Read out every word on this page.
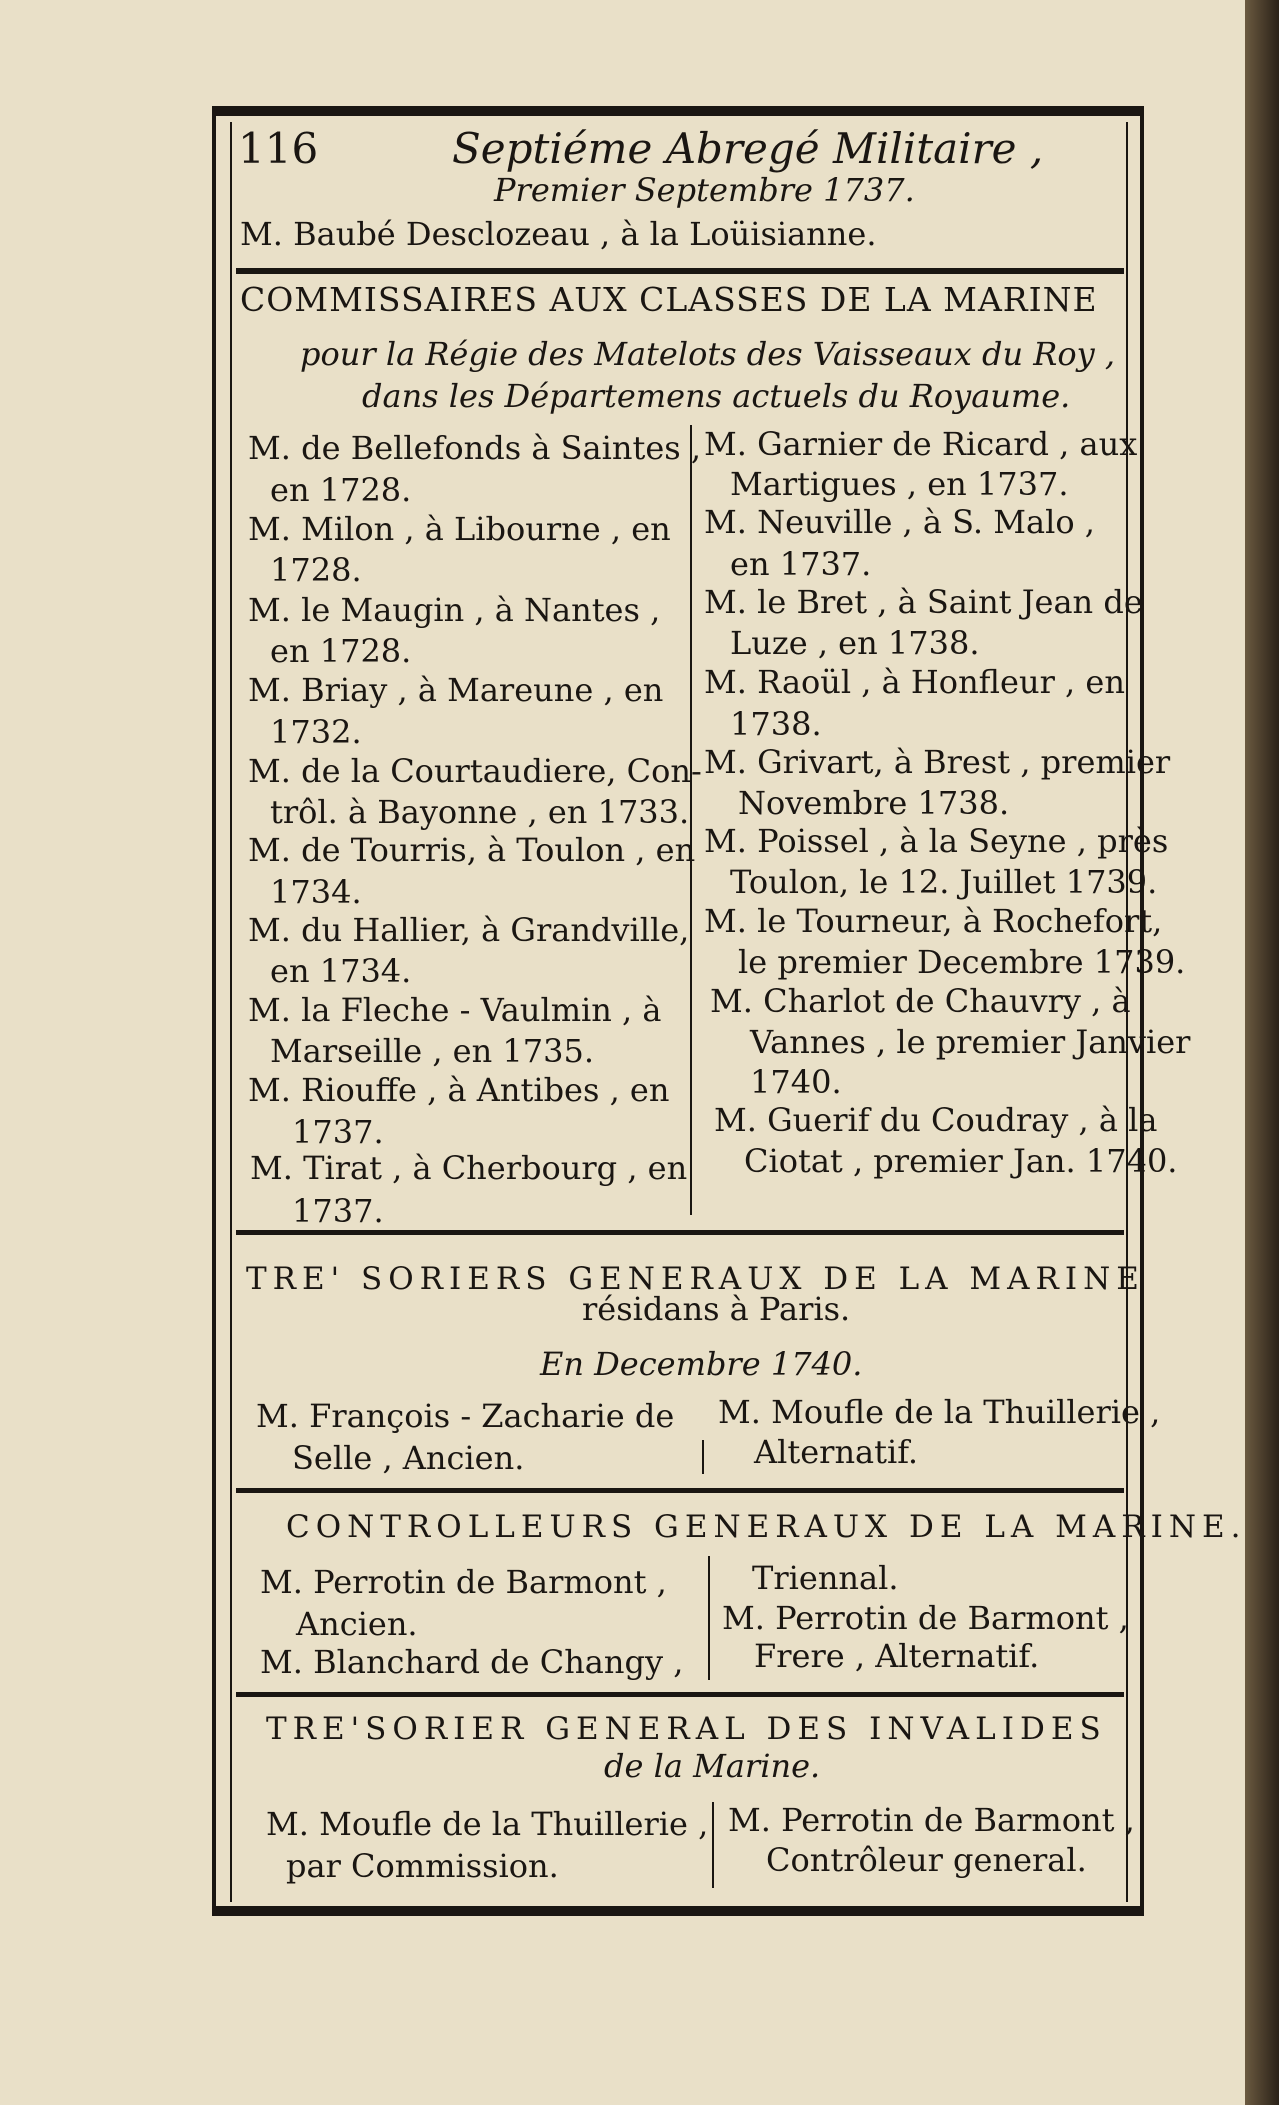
116	Septiéme Abregé Militaire ,
Premier Septembre 1737.
M. Baubé Desclozeau , à la Loüisianne.
COMMISSAIRES AUX CLASSES DE LA MARINE
pour la Régie des Matelots des Vaisseaux du Roy ,
dans les Départemens actuels du Royaume.
M. de Bellefonds à Saintes ,
en 1728.
M. Milon , à Libourne , en
1728.
M. le Maugin , à Nantes ,
en 1728.
M. Briay , à Mareune , en
1732.
M. de la Courtaudiere, Con-
trôl. à Bayonne , en 1733.
M. de Tourris, à Toulon , en
1734.
M. du Hallier, à Grandville,
en 1734.
M. la Fleche - Vaulmin , à
Marseille , en 1735.
M. Riouffe , à Antibes , en
1737.
M. Tirat , à Cherbourg , en
1737.
M. Garnier de Ricard , aux
Martigues , en 1737.
M. Neuville , à S. Malo ,
en 1737.
M. le Bret , à Saint Jean de
Luze , en 1738.
M. Raoül , à Honfleur , en
1738.
M. Grivart, à Brest , premier
Novembre 1738.
M. Poissel , à la Seyne , près
Toulon, le 12. Juillet 1739.
M. le Tourneur, à Rochefort,
le premier Decembre 1739.
M. Charlot de Chauvry , à
Vannes , le premier Janvier
1740.
M. Guerif du Coudray , à la
Ciotat , premier Jan. 1740.
TRE' SORIERS GENERAUX DE LA MARINE
résidans à Paris.
En Decembre 1740.
M. François - Zacharie de
Selle , Ancien.
M. Moufle de la Thuillerie ,
Alternatif.
CONTROLLEURS GENERAUX DE LA MARINE.
M. Perrotin de Barmont ,
Ancien.
M. Blanchard de Changy ,
Triennal.
M. Perrotin de Barmont ,
Frere , Alternatif.
TRE'SORIER GENERAL DES INVALIDES
de la Marine.
M. Moufle de la Thuillerie ,
par Commission.
M. Perrotin de Barmont ,
Contrôleur general.
